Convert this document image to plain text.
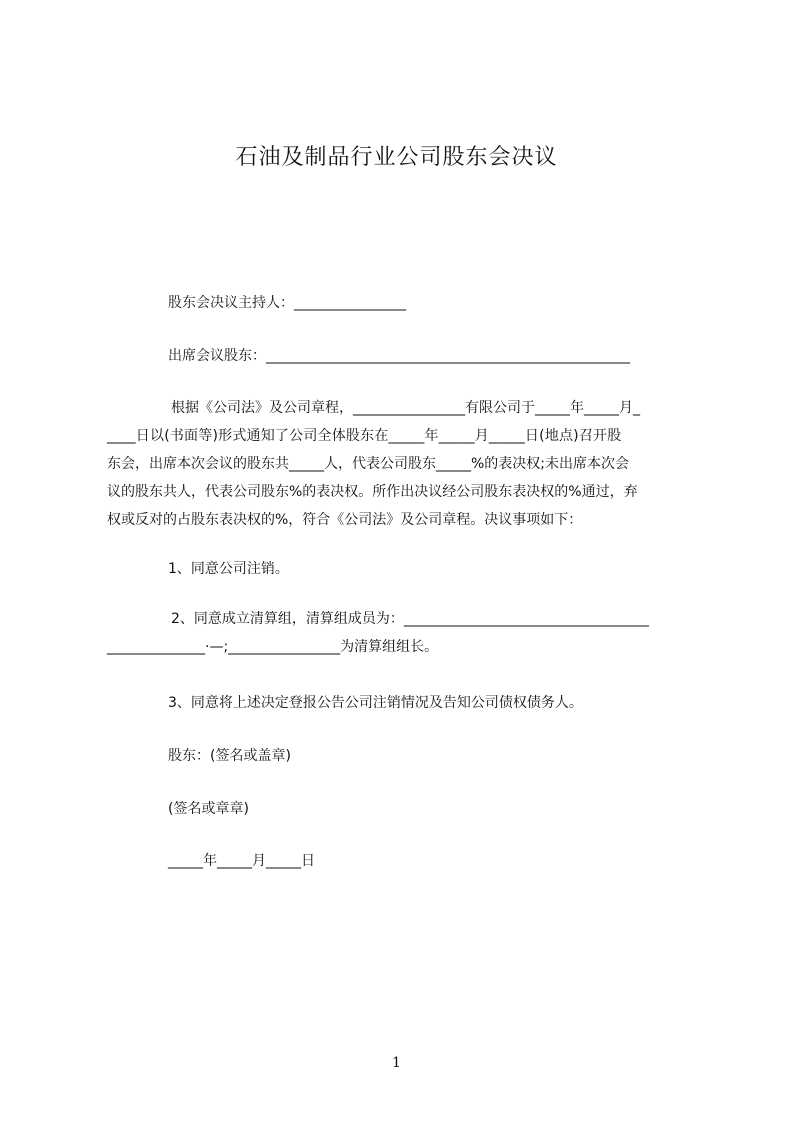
石油及制品行业公司股东会决议
股东会决议主持人：________________
出席会议股东：____________________________________________________
根据《公司法》及公司章程，________________有限公司于_____年_____月_
____日以(书面等)形式通知了公司全体股东在_____年_____月_____日(地点)召开股
东会，出席本次会议的股东共_____人，代表公司股东_____%的表决权;未出席本次会
议的股东共人，代表公司股东%的表决权。所作出决议经公司股东表决权的%通过，弃
权或反对的占股东表决权的%，符合《公司法》及公司章程。决议事项如下：
1、同意公司注销。
2、同意成立清算组，清算组成员为：___________________________________
______________·—;________________为清算组组长。
3、同意将上述决定登报公告公司注销情况及告知公司债权债务人。
股东：(签名或盖章)
(签名或章章)
_____年_____月_____日
1
